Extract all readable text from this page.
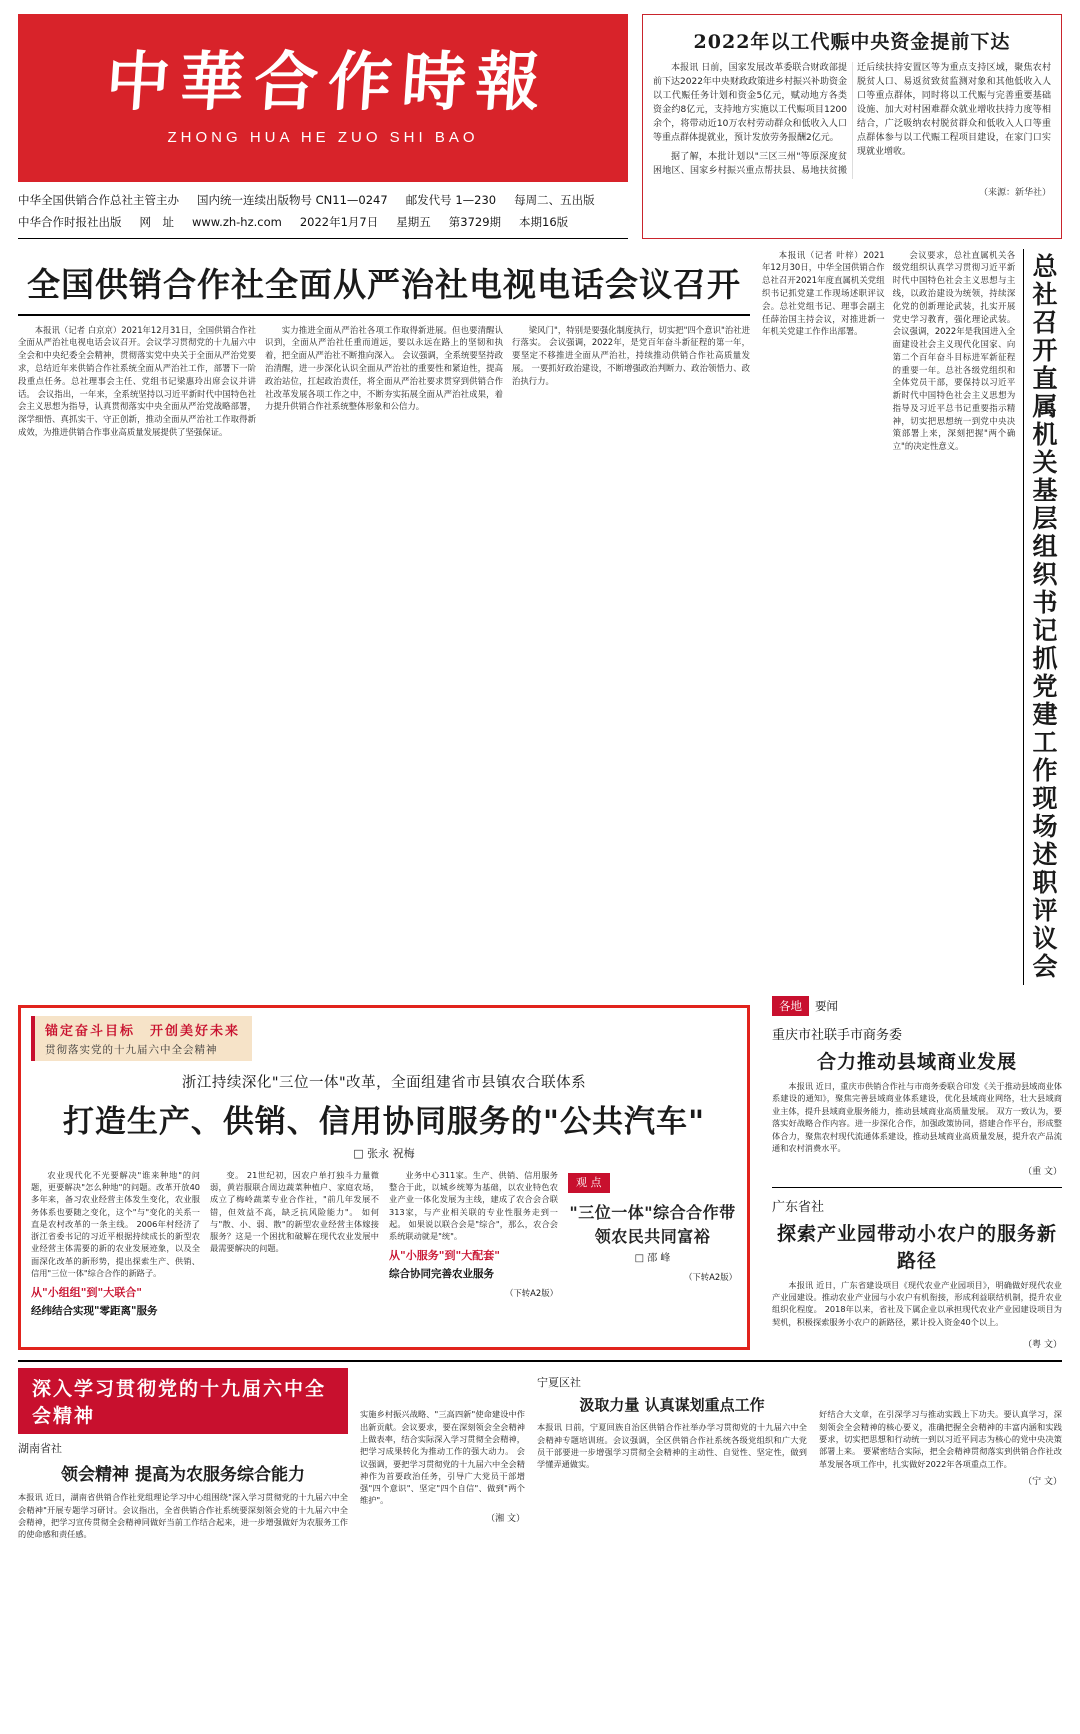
中華合作時報
ZHONG HUA HE ZUO SHI BAO
中华全国供销合作总社主管主办 国内统一连续出版物号 CN11—0247 邮发代号 1—230 每周二、五出版
中华合作时报社出版 网　址 www.zh-hz.com 2022年1月7日 星期五 第3729期 本期16版
2022年以工代赈中央资金提前下达

本报讯 日前，国家发展改革委联合财政部提前下达2022年中央财政政策进乡村振兴补助资金以工代赈任务计划和资金5亿元，赋动地方各类资金约8亿元，支持地方实施以工代赈项目1200余个，将带动近10万农村劳动群众和低收入人口等重点群体提就业，预计发放劳务报酬2亿元。

据了解，本批计划以"三区三州"等原深度贫困地区、国家乡村振兴重点帮扶县、易地扶贫搬迁后续扶持安置区等为重点支持区域，聚焦农村脱贫人口、易返贫致贫监测对象和其他低收入人口等重点群体，同时将以工代赈与完善重要基础设施、加大对村困难群众就业增收扶持力度等相结合，广泛吸纳农村脱贫群众和低收入人口等重点群体参与以工代赈工程项目建设，在家门口实现就业增收。

（来源：新华社）
全国供销合作社全面从严治社电视电话会议召开

本报讯（记者 白京京）2021年12月31日，全国供销合作社全面从严治社电视电话会议召开。会议学习贯彻党的十九届六中全会和中央纪委全会精神，贯彻落实党中央关于全面从严治党要求，总结近年来供销合作社系统全面从严治社工作，部署下一阶段重点任务。总社理事会主任、党组书记梁惠玲出席会议并讲话。 会议指出，一年来，全系统坚持以习近平新时代中国特色社会主义思想为指导，认真贯彻落实中央全面从严治党战略部署，深学细悟、真抓实干、守正创新，推动全面从严治社工作取得新成效，为推进供销合作事业高质量发展提供了坚强保证。

实力推进全面从严治社各项工作取得新进展。但也要清醒认识到，全面从严治社任重而道远，要以永远在路上的坚韧和执着，把全面从严治社不断推向深入。 会议强调，全系统要坚持政治清醒，进一步深化认识全面从严治社的重要性和紧迫性，提高政治站位，扛起政治责任，将全面从严治社要求贯穿到供销合作社改革发展各项工作之中，不断夯实拓展全面从严治社成果，着力提升供销合作社系统整体形象和公信力。

梁风门"，特别是要强化制度执行，切实把"四个意识"治社进行落实。 会议强调，2022年，是党百年奋斗新征程的第一年，要坚定不移推进全面从严治社，持续推动供销合作社高质量发展。 一要抓好政治建设，不断增强政治判断力、政治领悟力、政治执行力。

本报讯（记者 叶梓）2021年12月30日，中华全国供销合作总社召开2021年度直属机关党组织书记抓党建工作现场述职评议会。总社党组书记、理事会副主任薛治国主持会议，对推进新一年机关党建工作作出部署。

会议要求，总社直属机关各级党组织认真学习贯彻习近平新时代中国特色社会主义思想与主线，以政治建设为统领，持续深化党的创新理论武装，扎实开展党史学习教育，强化理论武装。 会议强调，2022年是我国进入全面建设社会主义现代化国家、向第二个百年奋斗目标进军新征程的重要一年。总社各级党组织和全体党员干部，要保持以习近平新时代中国特色社会主义思想为指导及习近平总书记重要指示精神，切实把思想统一到党中央决策部署上来，深刻把握"两个确立"的决定性意义。	总社召开直属机关基层组织书记抓党建工作现场述职评议会
锚定奋斗目标　开创美好未来
贯彻落实党的十九届六中全会精神
浙江持续深化"三位一体"改革，全面组建省市县镇农合联体系
打造生产、供销、信用协同服务的"公共汽车"
□ 张永 祝梅

农业现代化不光要解决"谁来种地"的问题，更要解决"怎么种地"的问题。改革开放40多年来，备习农业经营主体发生变化，农业服务体系也要随之变化，这个"与"变化的关系一直是农村改革的一条主线。 2006年村经济了浙江省委书记的习近平根据持续成长的新型农业经营主体需要的新的农业发展迹象，以及全面深化改革的新形势，提出探索生产、供销、信用"三位一体"综合合作的新路子。

从"小组组"到"大联合"
经纬结合实现"零距离"服务

变。 21世纪初，因农户单打独斗力量微弱，黄岩服联合周边蔬菜种植户、家庭农场，成立了梅岭蔬菜专业合作社，"前几年发展不错，但效益不高，缺乏抗风险能力"。 如何与"散、小、弱、散"的新型农业经营主体嫁接服务？这是一个困扰和破解在现代农业发展中最需要解决的问题。

业务中心311家。生产、供销、信用服务整合于此，以城乡统筹为基础，以农业特色农业产业一体化发展为主线，建成了农合会合联313家，与产业相关联的专业性服务走到一起。 如果说以联合会是"综合"，那么，农合会系统联动就是"统"。

从"小服务"到"大配套"
综合协同完善农业服务
（下转A2版）
观 点
"三位一体"综合合作带领农民共同富裕
□ 邵 峰

（下转A2版）
各地 要闻
重庆市社联手市商务委
合力推动县域商业发展

本报讯 近日，重庆市供销合作社与市商务委联合印发《关于推动县域商业体系建设的通知》，聚焦完善县域商业体系建设，优化县域商业网络，壮大县域商业主体，提升县域商业服务能力，推动县域商业高质量发展。 双方一致认为，要落实好战略合作内容。进一步深化合作，加强政策协同，搭建合作平台，形成整体合力，聚焦农村现代流通体系建设，推动县域商业高质量发展，提升农产品流通和农村消费水平。

（重 文）
广东省社
探索产业园带动小农户的服务新路径

本报讯 近日，广东省建设项目《现代农业产业园项目》，明确做好现代农业产业园建设。推动农业产业园与小农户有机衔接，形成利益联结机制，提升农业组织化程度。 2018年以来，省社及下属企业以承担现代农业产业园建设项目为契机，积极探索服务小农户的新路径，累计投入资金40个以上。

（粤 文）
深入学习贯彻党的十九届六中全会精神
湖南省社
领会精神 提高为农服务综合能力
本报讯 近日，湖南省供销合作社党组理论学习中心组围绕"深入学习贯彻党的十九届六中全会精神"开展专题学习研讨。会议指出，全省供销合作社系统要深刻领会党的十九届六中全会精神，把学习宣传贯彻全会精神同做好当前工作结合起来，进一步增强做好为农服务工作的使命感和责任感。
实施乡村振兴战略、"三高四新"使命建设中作出新贡献。会议要求，要在深刻领会全会精神上做表率，结合实际深入学习贯彻全会精神，把学习成果转化为推动工作的强大动力。 会议强调，要把学习贯彻党的十九届六中全会精神作为首要政治任务，引导广大党员干部增强"四个意识"、坚定"四个自信"、做到"两个维护"。
（湘 文）
宁夏区社
汲取力量 认真谋划重点工作
本报讯 日前，宁夏回族自治区供销合作社举办学习贯彻党的十九届六中全会精神专题培训班。会议强调，全区供销合作社系统各级党组织和广大党员干部要进一步增强学习贯彻全会精神的主动性、自觉性、坚定性，做到学懂弄通做实。
好结合大文章，在引深学习与推动实践上下功夫。要认真学习，深刻领会全会精神的核心要义，准确把握全会精神的丰富内涵和实践要求，切实把思想和行动统一到以习近平同志为核心的党中央决策部署上来。 要紧密结合实际，把全会精神贯彻落实到供销合作社改革发展各项工作中，扎实做好2022年各项重点工作。
（宁 文）
